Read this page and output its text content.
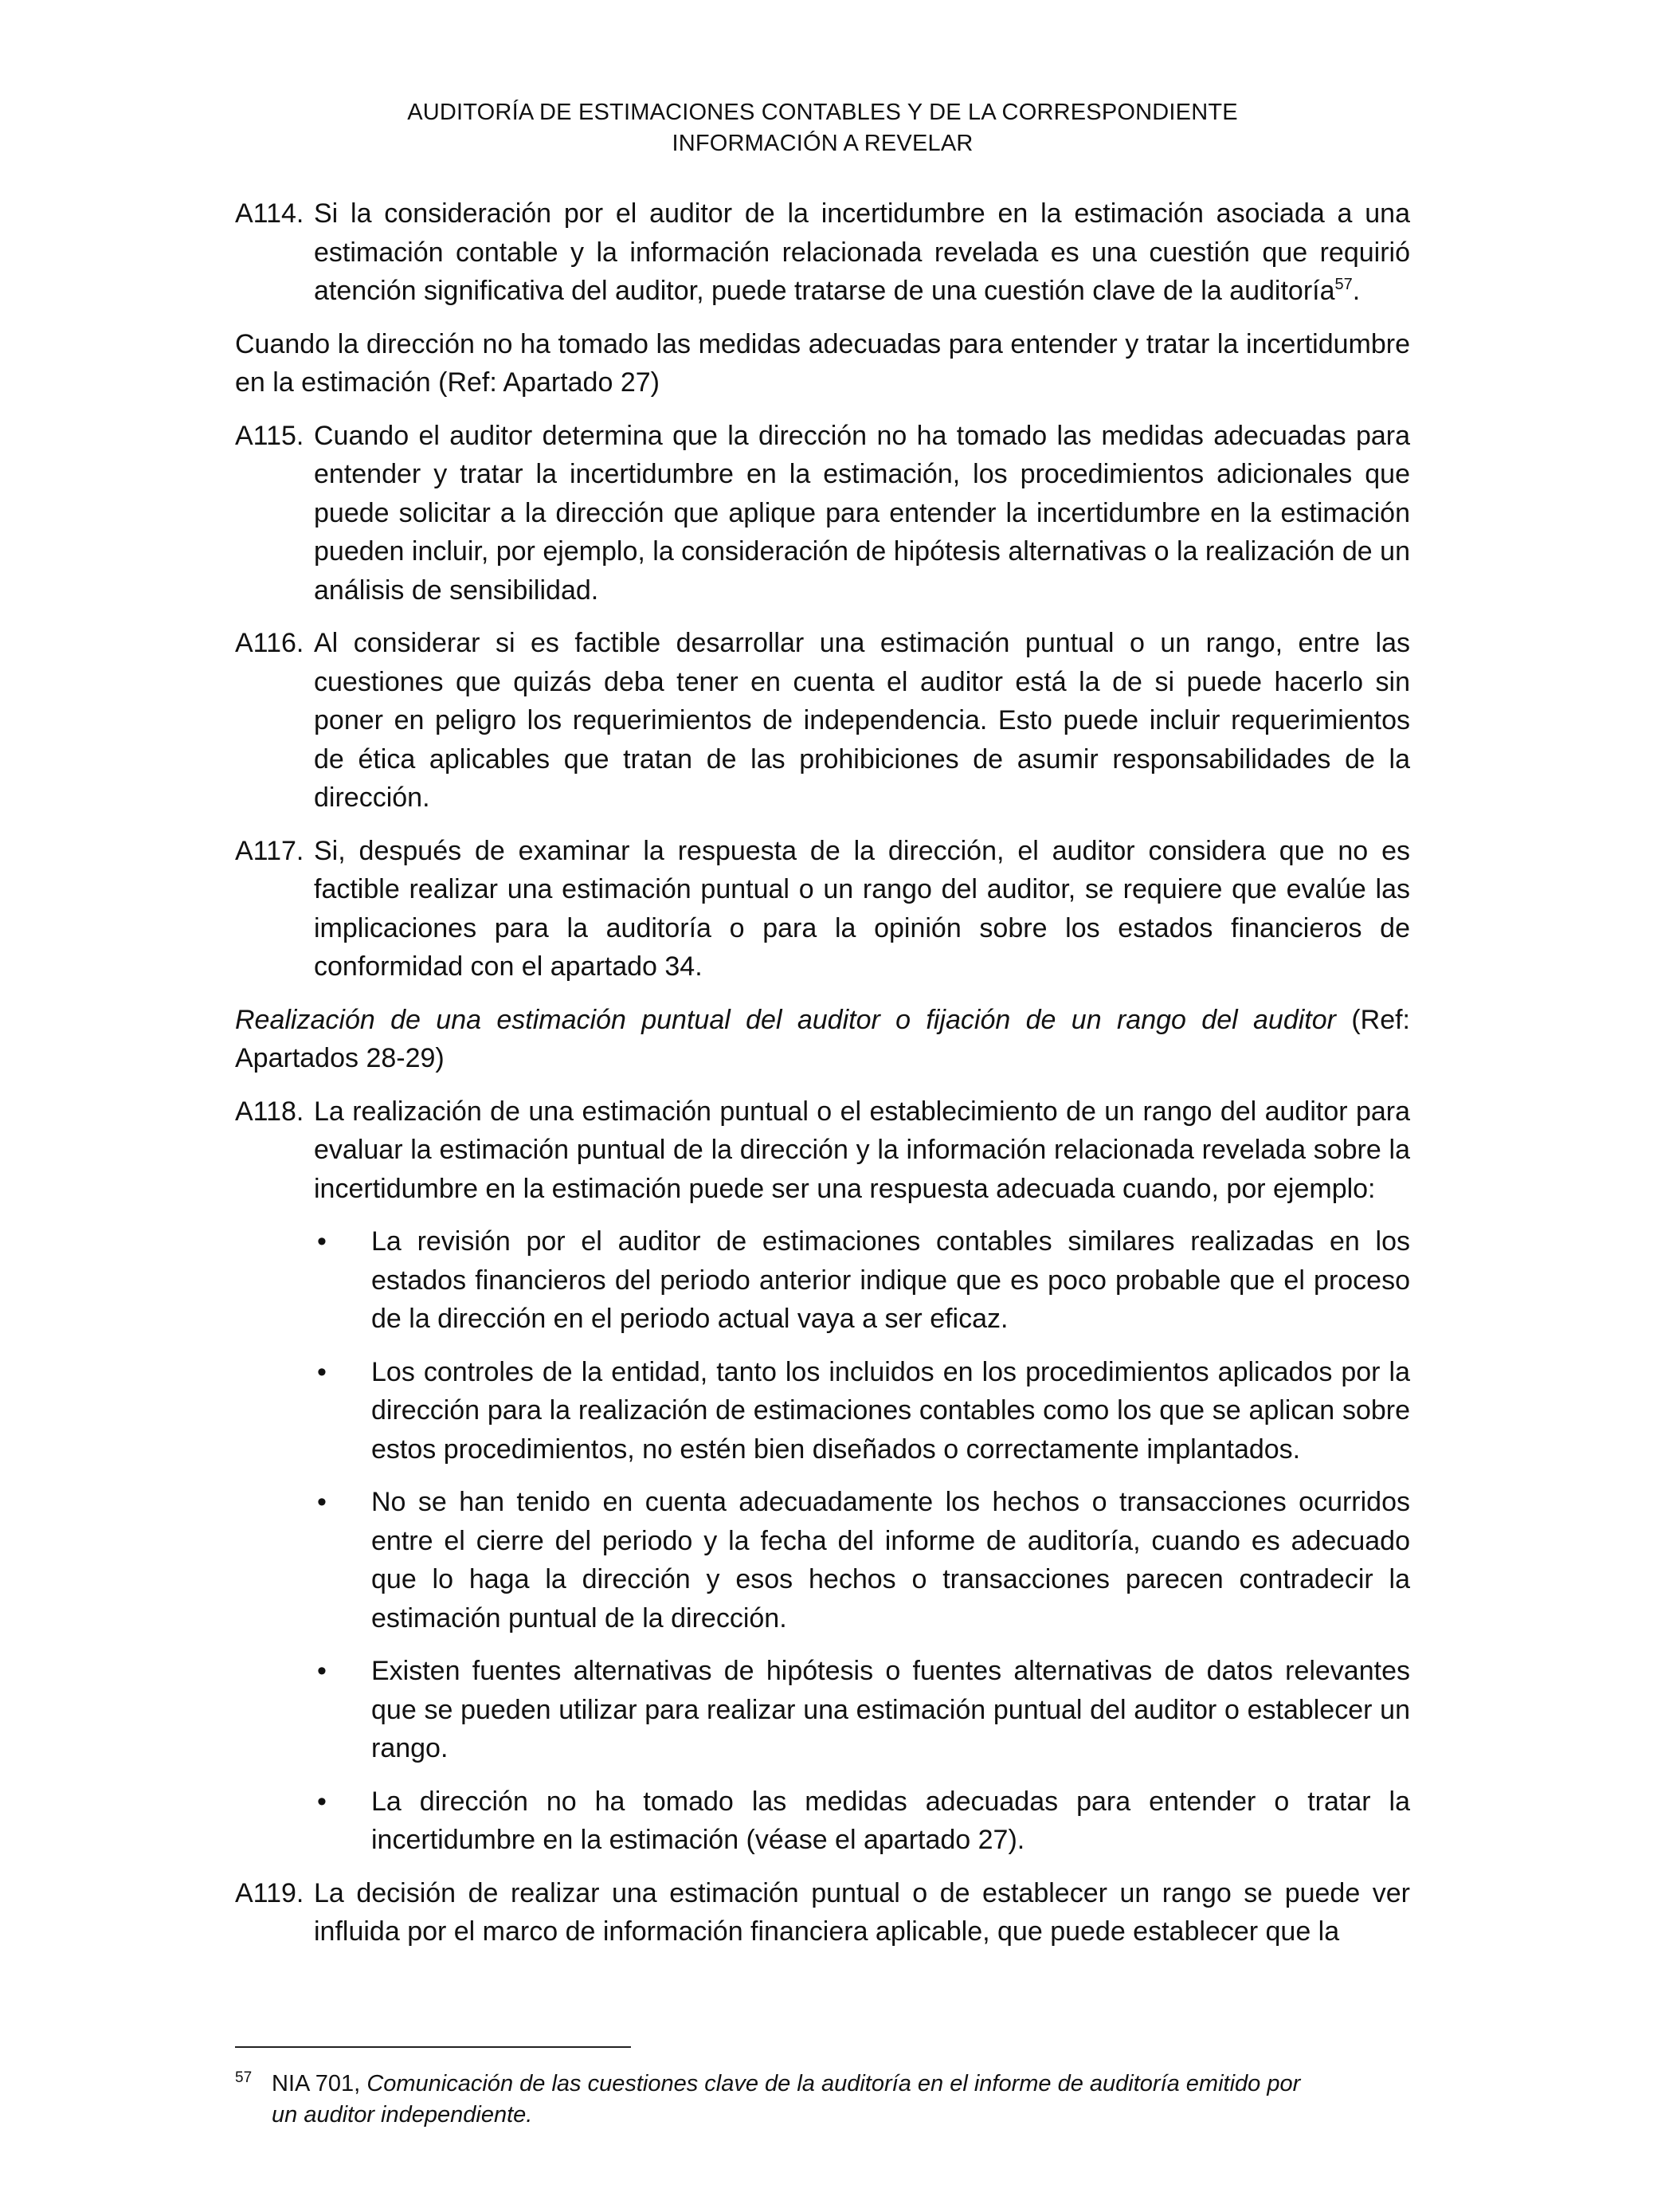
AUDITORÍA DE ESTIMACIONES CONTABLES Y DE LA CORRESPONDIENTE
INFORMACIÓN A REVELAR
A114. Si la consideración por el auditor de la incertidumbre en la estimación asociada a una estimación contable y la información relacionada revelada es una cuestión que requirió atención significativa del auditor, puede tratarse de una cuestión clave de la auditoría$^{57}$.
Cuando la dirección no ha tomado las medidas adecuadas para entender y tratar la incertidumbre en la estimación (Ref: Apartado 27)
A115. Cuando el auditor determina que la dirección no ha tomado las medidas adecuadas para entender y tratar la incertidumbre en la estimación, los procedimientos adicionales que puede solicitar a la dirección que aplique para entender la incertidumbre en la estimación pueden incluir, por ejemplo, la consideración de hipótesis alternativas o la realización de un análisis de sensibilidad.
A116. Al considerar si es factible desarrollar una estimación puntual o un rango, entre las cuestiones que quizás deba tener en cuenta el auditor está la de si puede hacerlo sin poner en peligro los requerimientos de independencia. Esto puede incluir requerimientos de ética aplicables que tratan de las prohibiciones de asumir responsabilidades de la dirección.
A117. Si, después de examinar la respuesta de la dirección, el auditor considera que no es factible realizar una estimación puntual o un rango del auditor, se requiere que evalúe las implicaciones para la auditoría o para la opinión sobre los estados financieros de conformidad con el apartado 34.
Realización de una estimación puntual del auditor o fijación de un rango del auditor (Ref: Apartados 28-29)
A118. La realización de una estimación puntual o el establecimiento de un rango del auditor para evaluar la estimación puntual de la dirección y la información relacionada revelada sobre la incertidumbre en la estimación puede ser una respuesta adecuada cuando, por ejemplo:
• La revisión por el auditor de estimaciones contables similares realizadas en los estados financieros del periodo anterior indique que es poco probable que el proceso de la dirección en el periodo actual vaya a ser eficaz.
• Los controles de la entidad, tanto los incluidos en los procedimientos aplicados por la dirección para la realización de estimaciones contables como los que se aplican sobre estos procedimientos, no estén bien diseñados o correctamente implantados.
• No se han tenido en cuenta adecuadamente los hechos o transacciones ocurridos entre el cierre del periodo y la fecha del informe de auditoría, cuando es adecuado que lo haga la dirección y esos hechos o transacciones parecen contradecir la estimación puntual de la dirección.
• Existen fuentes alternativas de hipótesis o fuentes alternativas de datos relevantes que se pueden utilizar para realizar una estimación puntual del auditor o establecer un rango.
• La dirección no ha tomado las medidas adecuadas para entender o tratar la incertidumbre en la estimación (véase el apartado 27).
A119. La decisión de realizar una estimación puntual o de establecer un rango se puede ver influida por el marco de información financiera aplicable, que puede establecer que la
57 NIA 701, Comunicación de las cuestiones clave de la auditoría en el informe de auditoría emitido por
un auditor independiente.
